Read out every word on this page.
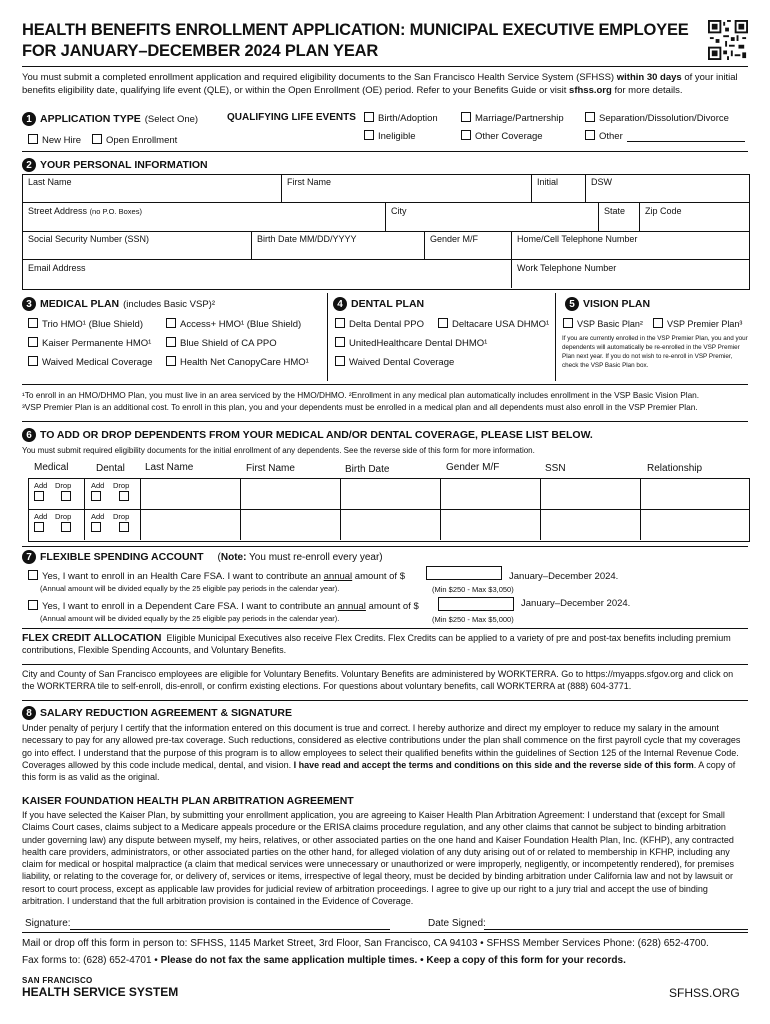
HEALTH BENEFITS ENROLLMENT APPLICATION: MUNICIPAL EXECUTIVE EMPLOYEE
FOR JANUARY–DECEMBER 2024 PLAN YEAR
You must submit a completed enrollment application and required eligibility documents to the San Francisco Health Service System (SFHSS) within 30 days of your initial benefits eligibility date, qualifying life event (QLE), or within the Open Enrollment (OE) period. Refer to your Benefits Guide or visit sfhss.org for more details.
1 APPLICATION TYPE (Select One)
New Hire	Open Enrollment
QUALIFYING LIFE EVENTS	Birth/Adoption
Ineligible
Marriage/Partnership
Other Coverage
Separation/Dissolution/Divorce
Other
2 YOUR PERSONAL INFORMATION
Last Name	First Name	Initial	DSW
Street Address (no P.O. Boxes)	City	State	Zip Code
Social Security Number (SSN)	Birth Date MM/DD/YYYY	Gender M/F	Home/Cell Telephone Number
Email Address	Work Telephone Number
3 MEDICAL PLAN (includes Basic VSP)²
Trio HMO¹ (Blue Shield)	Access+ HMO¹ (Blue Shield)
Kaiser Permanente HMO¹	Blue Shield of CA PPO
Waived Medical Coverage	Health Net CanopyCare HMO¹
4 DENTAL PLAN
Delta Dental PPO	Deltacare USA DHMO¹
UnitedHealthcare Dental DHMO¹
Waived Dental Coverage
5 VISION PLAN
VSP Basic Plan²	VSP Premier Plan³
If you are currently enrolled in the VSP Premier Plan, you and your dependents will automatically be re-enrolled in the VSP Premier Plan next year. If you do not wish to re-enroll in VSP Premier, check the VSP Basic Plan box.
¹To enroll in an HMO/DHMO Plan, you must live in an area serviced by the HMO/DHMO. ²Enrollment in any medical plan automatically includes enrollment in the VSP Basic Vision Plan.
³VSP Premier Plan is an additional cost. To enroll in this plan, you and your dependents must be enrolled in a medical plan and all dependents must also enroll in the VSP Premier Plan.
6 TO ADD OR DROP DEPENDENTS FROM YOUR MEDICAL AND/OR DENTAL COVERAGE, PLEASE LIST BELOW.
You must submit required eligibility documents for the initial enrollment of any dependents. See the reverse side of this form for more information.
Medical	Dental Last Name	First Name	Birth Date	Gender M/F	SSN	Relationship
Add Drop	Add Drop

Add Drop	Add Drop

7 FLEXIBLE SPENDING ACCOUNT (Note: You must re-enroll every year)
Yes, I want to enroll in an Health Care FSA. I want to contribute an annual amount of $	January–December 2024.
(Annual amount will be divided equally by the 25 eligible pay periods in the calendar year).	(Min $250 - Max $3,050)
Yes, I want to enroll in a Dependent Care FSA. I want to contribute an annual amount of $	January–December 2024.
(Annual amount will be divided equally by the 25 eligible pay periods in the calendar year).	(Min $250 - Max $5,000)
FLEX CREDIT ALLOCATION Eligible Municipal Executives also receive Flex Credits. Flex Credits can be applied to a variety of pre and post-tax benefits including premium contributions, Flexible Spending Accounts, and Voluntary Benefits.
City and County of San Francisco employees are eligible for Voluntary Benefits. Voluntary Benefits are administered by WORKTERRA. Go to https://myapps.sfgov.org and click on the WORKTERRA tile to self-enroll, dis-enroll, or confirm existing elections. For questions about voluntary benefits, call WORKTERRA at (888) 604-3771.
8 SALARY REDUCTION AGREEMENT & SIGNATURE
Under penalty of perjury I certify that the information entered on this document is true and correct. I hereby authorize and direct my employer to reduce my salary in the amount necessary to pay for any allowed pre-tax coverage. Such reductions, considered as elective contributions under the plan shall commence on the first payroll cycle that my coverages go into effect. I understand that the purpose of this program is to allow employees to select their qualified benefits within the guidelines of Section 125 of the Internal Revenue Code. Coverages allowed by this code include medical, dental, and vision. I have read and accept the terms and conditions on this side and the reverse side of this form. A copy of this form is as valid as the original.
KAISER FOUNDATION HEALTH PLAN ARBITRATION AGREEMENT
If you have selected the Kaiser Plan, by submitting your enrollment application, you are agreeing to Kaiser Health Plan Arbitration Agreement: I understand that (except for Small Claims Court cases, claims subject to a Medicare appeals procedure or the ERISA claims procedure regulation, and any other claims that cannot be subject to binding arbitration under governing law) any dispute between myself, my heirs, relatives, or other associated parties on the one hand and Kaiser Foundation Health Plan, Inc. (KFHP), any contracted health care providers, administrators, or other associated parties on the other hand, for alleged violation of any duty arising out of or related to membership in KFHP, including any claim for medical or hospital malpractice (a claim that medical services were unnecessary or unauthorized or were improperly, negligently, or incompetently rendered), for premises liability, or relating to the coverage for, or delivery of, services or items, irrespective of legal theory, must be decided by binding arbitration under California law and not by lawsuit or resort to court process, except as applicable law provides for judicial review of arbitration proceedings. I agree to give up our right to a jury trial and accept the use of binding arbitration. I understand that the full arbitration provision is contained in the Evidence of Coverage.
Signature:	Date Signed:
Mail or drop off this form in person to: SFHSS, 1145 Market Street, 3rd Floor, San Francisco, CA 94103 • SFHSS Member Services Phone: (628) 652-4700.
Fax forms to: (628) 652-4701 • Please do not fax the same application multiple times. • Keep a copy of this form for your records.
SAN FRANCISCO
HEALTH SERVICE SYSTEM	SFHSS.ORG
